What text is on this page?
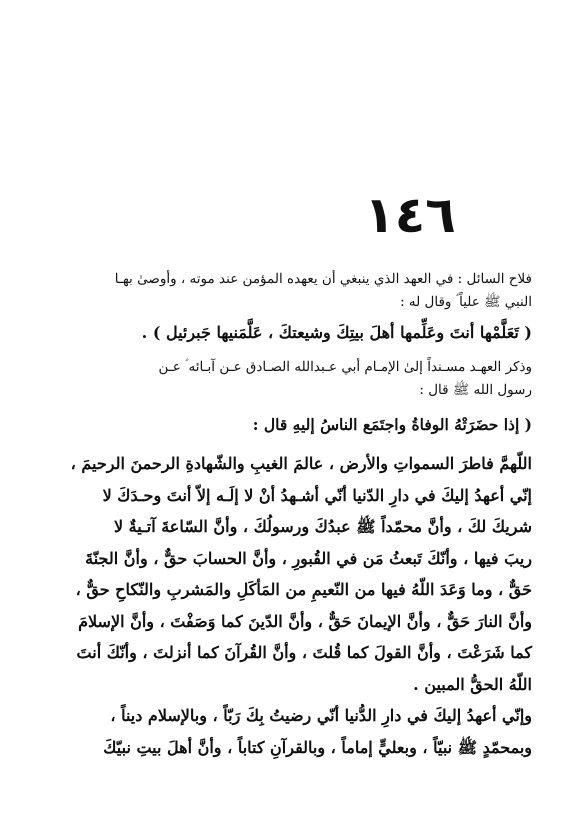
١٤٦
فلاح السائل : في العهد الذي ينبغي أن يعهده المؤمن عند موته ، وأوصىٰ بهـا
النبي ﷺ علياً ؑ وقال له :
( تَعَلَّمْها أنتَ وعَلِّمها أهلَ بيتِكَ وشيعتكَ ، عَلَّمَنيها جَبرئيل ) .
وذكر العهـد مسـنداً إلىٰ الإمـام أبي عـبدالله الصـادق عـن آبـائه ؑ عـن
رسول الله ﷺ قال :
( إذا حضَرَتْهُ الوفاةُ واجتَمَع الناسُ إليهِ قال :
اللّهمَّ فاطرَ السمواتِ والأرض ، عالمَ الغيبِ والشّهادةِ الرحمنَ الرحيمَ ،
إنّي أعهدُ إليكَ في دارِ الدّنيا أنّي أشـهدُ أنْ لا إلَـه إلاّ أنتَ وحـدَكَ لا
شريكَ لكَ ، وأنَّ محمّداً ﷺ عبدُكَ ورسولُكَ ، وأنَّ السّاعةَ آتـيةٌ لا
ريبَ فيها ، وأنّكَ تَبعثُ مَن في القُبورِ ، وأنَّ الحسابَ حقٌّ ، وأنَّ الجنّةَ
حَقٌّ ، وما وَعَدَ اللّهُ فيها من النّعيمِ من المَأكَلِ والمَشربِ والنّكاحِ حقٌّ ،
وأنَّ النارَ حَقٌّ ، وأنَّ الإيمانَ حَقٌّ ، وأنَّ الدّينَ كما وَصَفْتَ ، وأنَّ الإسلامَ
كما شَرَعْتَ ، وأنَّ القولَ كما قُلتَ ، وأنَّ القُرآنَ كما أنزلتَ ، وأنّكَ أنتَ
اللّهُ الحقُّ المبين .
وإنّي أعهدُ إليكَ في دارِ الدُّنيا أنّي رضيتُ بِكَ رَبّاً ، وبالإسلام ديناً ،
وبمحمّدٍ ﷺ نبيّاً ، وبعليٍّ إماماً ، وبالقرآنِ كتاباً ، وأنَّ أهلَ بيتِ نبيّكَ
